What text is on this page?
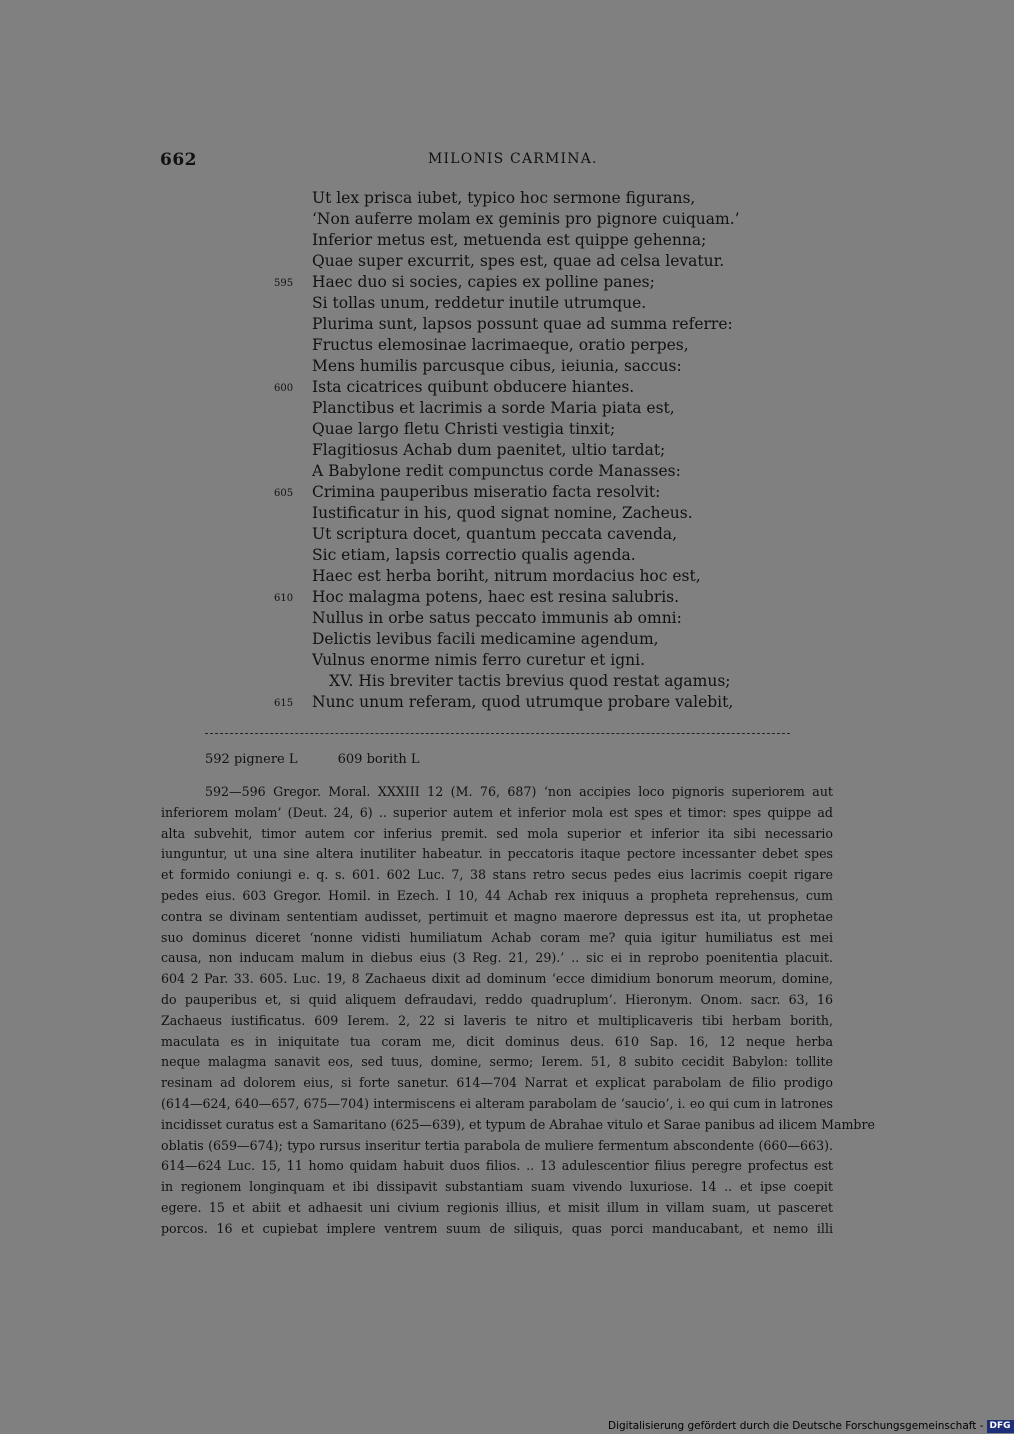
662	MILONIS CARMINA.
Ut lex prisca iubet, typico hoc sermone figurans,
‘Non auferre molam ex geminis pro pignore cuiquam.’
Inferior metus est, metuenda est quippe gehenna;
Quae super excurrit, spes est, quae ad celsa levatur.
595 Haec duo si socies, capies ex polline panes;
Si tollas unum, reddetur inutile utrumque.
Plurima sunt, lapsos possunt quae ad summa referre:
Fructus elemosinae lacrimaeque, oratio perpes,
Mens humilis parcusque cibus, ieiunia, saccus:
600 Ista cicatrices quibunt obducere hiantes.
Planctibus et lacrimis a sorde Maria piata est,
Quae largo fletu Christi vestigia tinxit;
Flagitiosus Achab dum paenitet, ultio tardat;
A Babylone redit compunctus corde Manasses:
605 Crimina pauperibus miseratio facta resolvit:
Iustificatur in his, quod signat nomine, Zacheus.
Ut scriptura docet, quantum peccata cavenda,
Sic etiam, lapsis correctio qualis agenda.
Haec est herba boriht, nitrum mordacius hoc est,
610 Hoc malagma potens, haec est resina salubris.
Nullus in orbe satus peccato immunis ab omni:
Delictis levibus facili medicamine agendum,
Vulnus enorme nimis ferro curetur et igni.
XV. His breviter tactis brevius quod restat agamus;
615 Nunc unum referam, quod utrumque probare valebit,
592 pignere L	609 borith L
592—596 Gregor. Moral. XXXIII 12 (M. 76, 687) ‘non accipies loco pignoris superiorem aut
inferiorem molam’ (Deut. 24, 6) .. superior autem et inferior mola est spes et timor: spes quippe ad
alta subvehit, timor autem cor inferius premit. sed mola superior et inferior ita sibi necessario
iunguntur, ut una sine altera inutiliter habeatur. in peccatoris itaque pectore incessanter debet spes
et formido coniungi e. q. s. 601. 602 Luc. 7, 38 stans retro secus pedes eius lacrimis coepit rigare
pedes eius. 603 Gregor. Homil. in Ezech. I 10, 44 Achab rex iniquus a propheta reprehensus, cum
contra se divinam sententiam audisset, pertimuit et magno maerore depressus est ita, ut prophetae
suo dominus diceret ‘nonne vidisti humiliatum Achab coram me? quia igitur humiliatus est mei
causa, non inducam malum in diebus eius (3 Reg. 21, 29).’ .. sic ei in reprobo poenitentia placuit.
604 2 Par. 33. 605. Luc. 19, 8 Zachaeus dixit ad dominum ‘ecce dimidium bonorum meorum, domine,
do pauperibus et, si quid aliquem defraudavi, reddo quadruplum’. Hieronym. Onom. sacr. 63, 16
Zachaeus iustificatus. 609 Ierem. 2, 22 si laveris te nitro et multiplicaveris tibi herbam borith,
maculata es in iniquitate tua coram me, dicit dominus deus. 610 Sap. 16, 12 neque herba
neque malagma sanavit eos, sed tuus, domine, sermo; Ierem. 51, 8 subito cecidit Babylon: tollite
resinam ad dolorem eius, si forte sanetur. 614—704 Narrat et explicat parabolam de filio prodigo
(614—624, 640—657, 675—704) intermiscens ei alteram parabolam de ‘saucio’, i. eo qui cum in latrones
incidisset curatus est a Samaritano (625—639), et typum de Abrahae vitulo et Sarae panibus ad ilicem Mambre
oblatis (659—674); typo rursus inseritur tertia parabola de muliere fermentum abscondente (660—663).
614—624 Luc. 15, 11 homo quidam habuit duos filios. .. 13 adulescentior filius peregre profectus est
in regionem longinquam et ibi dissipavit substantiam suam vivendo luxuriose. 14 .. et ipse coepit
egere. 15 et abiit et adhaesit uni civium regionis illius, et misit illum in villam suam, ut pasceret
porcos. 16 et cupiebat implere ventrem suum de siliquis, quas porci manducabant, et nemo illi
Digitalisierung gefördert durch die Deutsche Forschungsgemeinschaft - DFG
